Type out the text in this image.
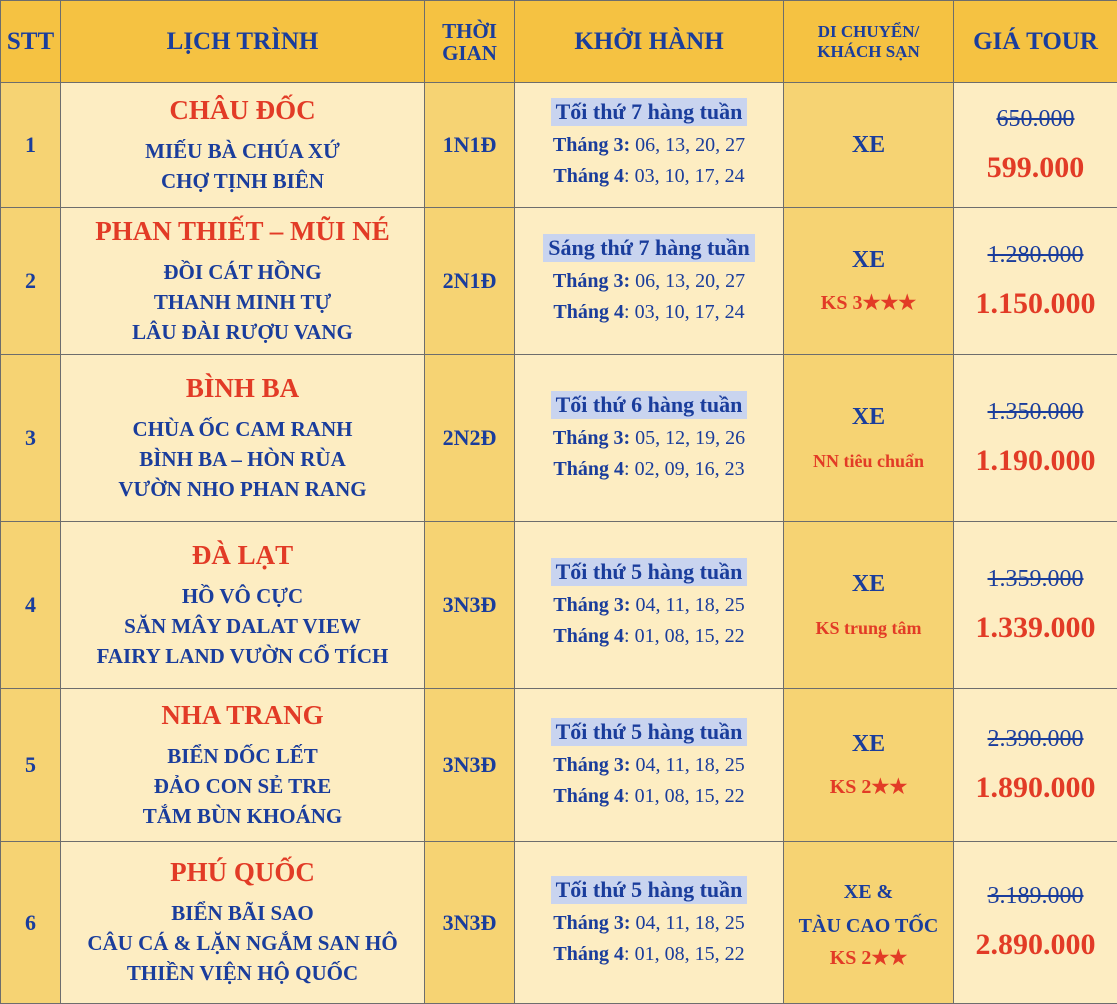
STT	LỊCH TRÌNH	THỜI
GIAN	KHỞI HÀNH	DI CHUYỂN/
KHÁCH SẠN	GIÁ TOUR
1	CHÂU ĐỐC
MIẾU BÀ CHÚA XỨ
CHỢ TỊNH BIÊN	1N1Đ	Tối thứ 7 hàng tuần
Tháng 3: 06, 13, 20, 27
Tháng 4: 03, 10, 17, 24	XE	650.000
599.000

2	PHAN THIẾT – MŨI NÉ
ĐỒI CÁT HỒNG
THANH MINH TỰ
LÂU ĐÀI RƯỢU VANG	2N1Đ	Sáng thứ 7 hàng tuần
Tháng 3: 06, 13, 20, 27
Tháng 4: 03, 10, 17, 24	XE
KS 3★★★	1.280.000
1.150.000

3	BÌNH BA
CHÙA ỐC CAM RANH
BÌNH BA – HÒN RÙA
VƯỜN NHO PHAN RANG	2N2Đ	Tối thứ 6 hàng tuần
Tháng 3: 05, 12, 19, 26
Tháng 4: 02, 09, 16, 23	XE
NN tiêu chuẩn	1.350.000
1.190.000

4	ĐÀ LẠT
HỒ VÔ CỰC
SĂN MÂY DALAT VIEW
FAIRY LAND VƯỜN CỔ TÍCH	3N3Đ	Tối thứ 5 hàng tuần
Tháng 3: 04, 11, 18, 25
Tháng 4: 01, 08, 15, 22	XE
KS trung tâm	1.359.000
1.339.000

5	NHA TRANG
BIỂN DỐC LẾT
ĐẢO CON SẺ TRE
TẮM BÙN KHOÁNG	3N3Đ	Tối thứ 5 hàng tuần
Tháng 3: 04, 11, 18, 25
Tháng 4: 01, 08, 15, 22	XE
KS 2★★	2.390.000
1.890.000

6	PHÚ QUỐC
BIỂN BÃI SAO
CÂU CÁ & LẶN NGẮM SAN HÔ
THIỀN VIỆN HỘ QUỐC	3N3Đ	Tối thứ 5 hàng tuần
Tháng 3: 04, 11, 18, 25
Tháng 4: 01, 08, 15, 22	XE &
TÀU CAO TỐC
KS 2★★	3.189.000
2.890.000
